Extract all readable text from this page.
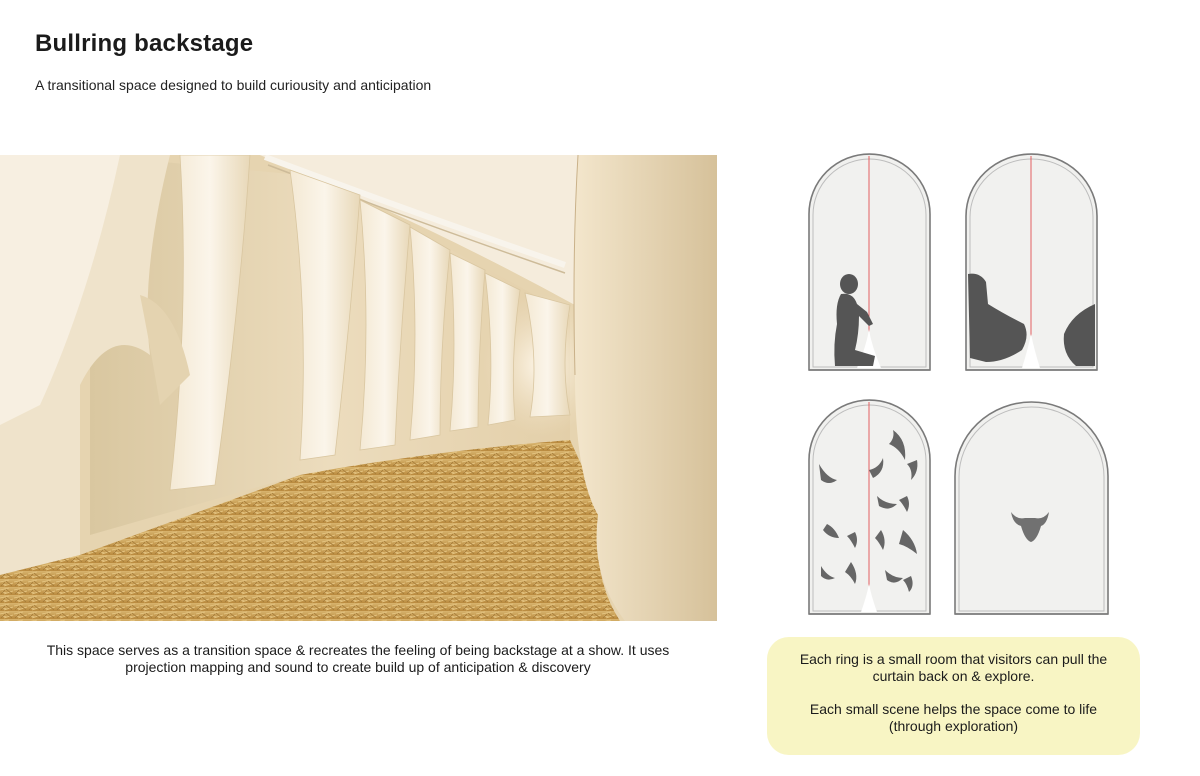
Bullring backstage

A transitional space designed to build curiousity and anticipation

This space serves as a transition space & recreates the feeling of being backstage at a show. It uses projection mapping and sound to create build up of anticipation & discovery	Each ring is a small room that visitors can pull the curtain back on & explore.

Each small scene helps the space come to life (through exploration)
